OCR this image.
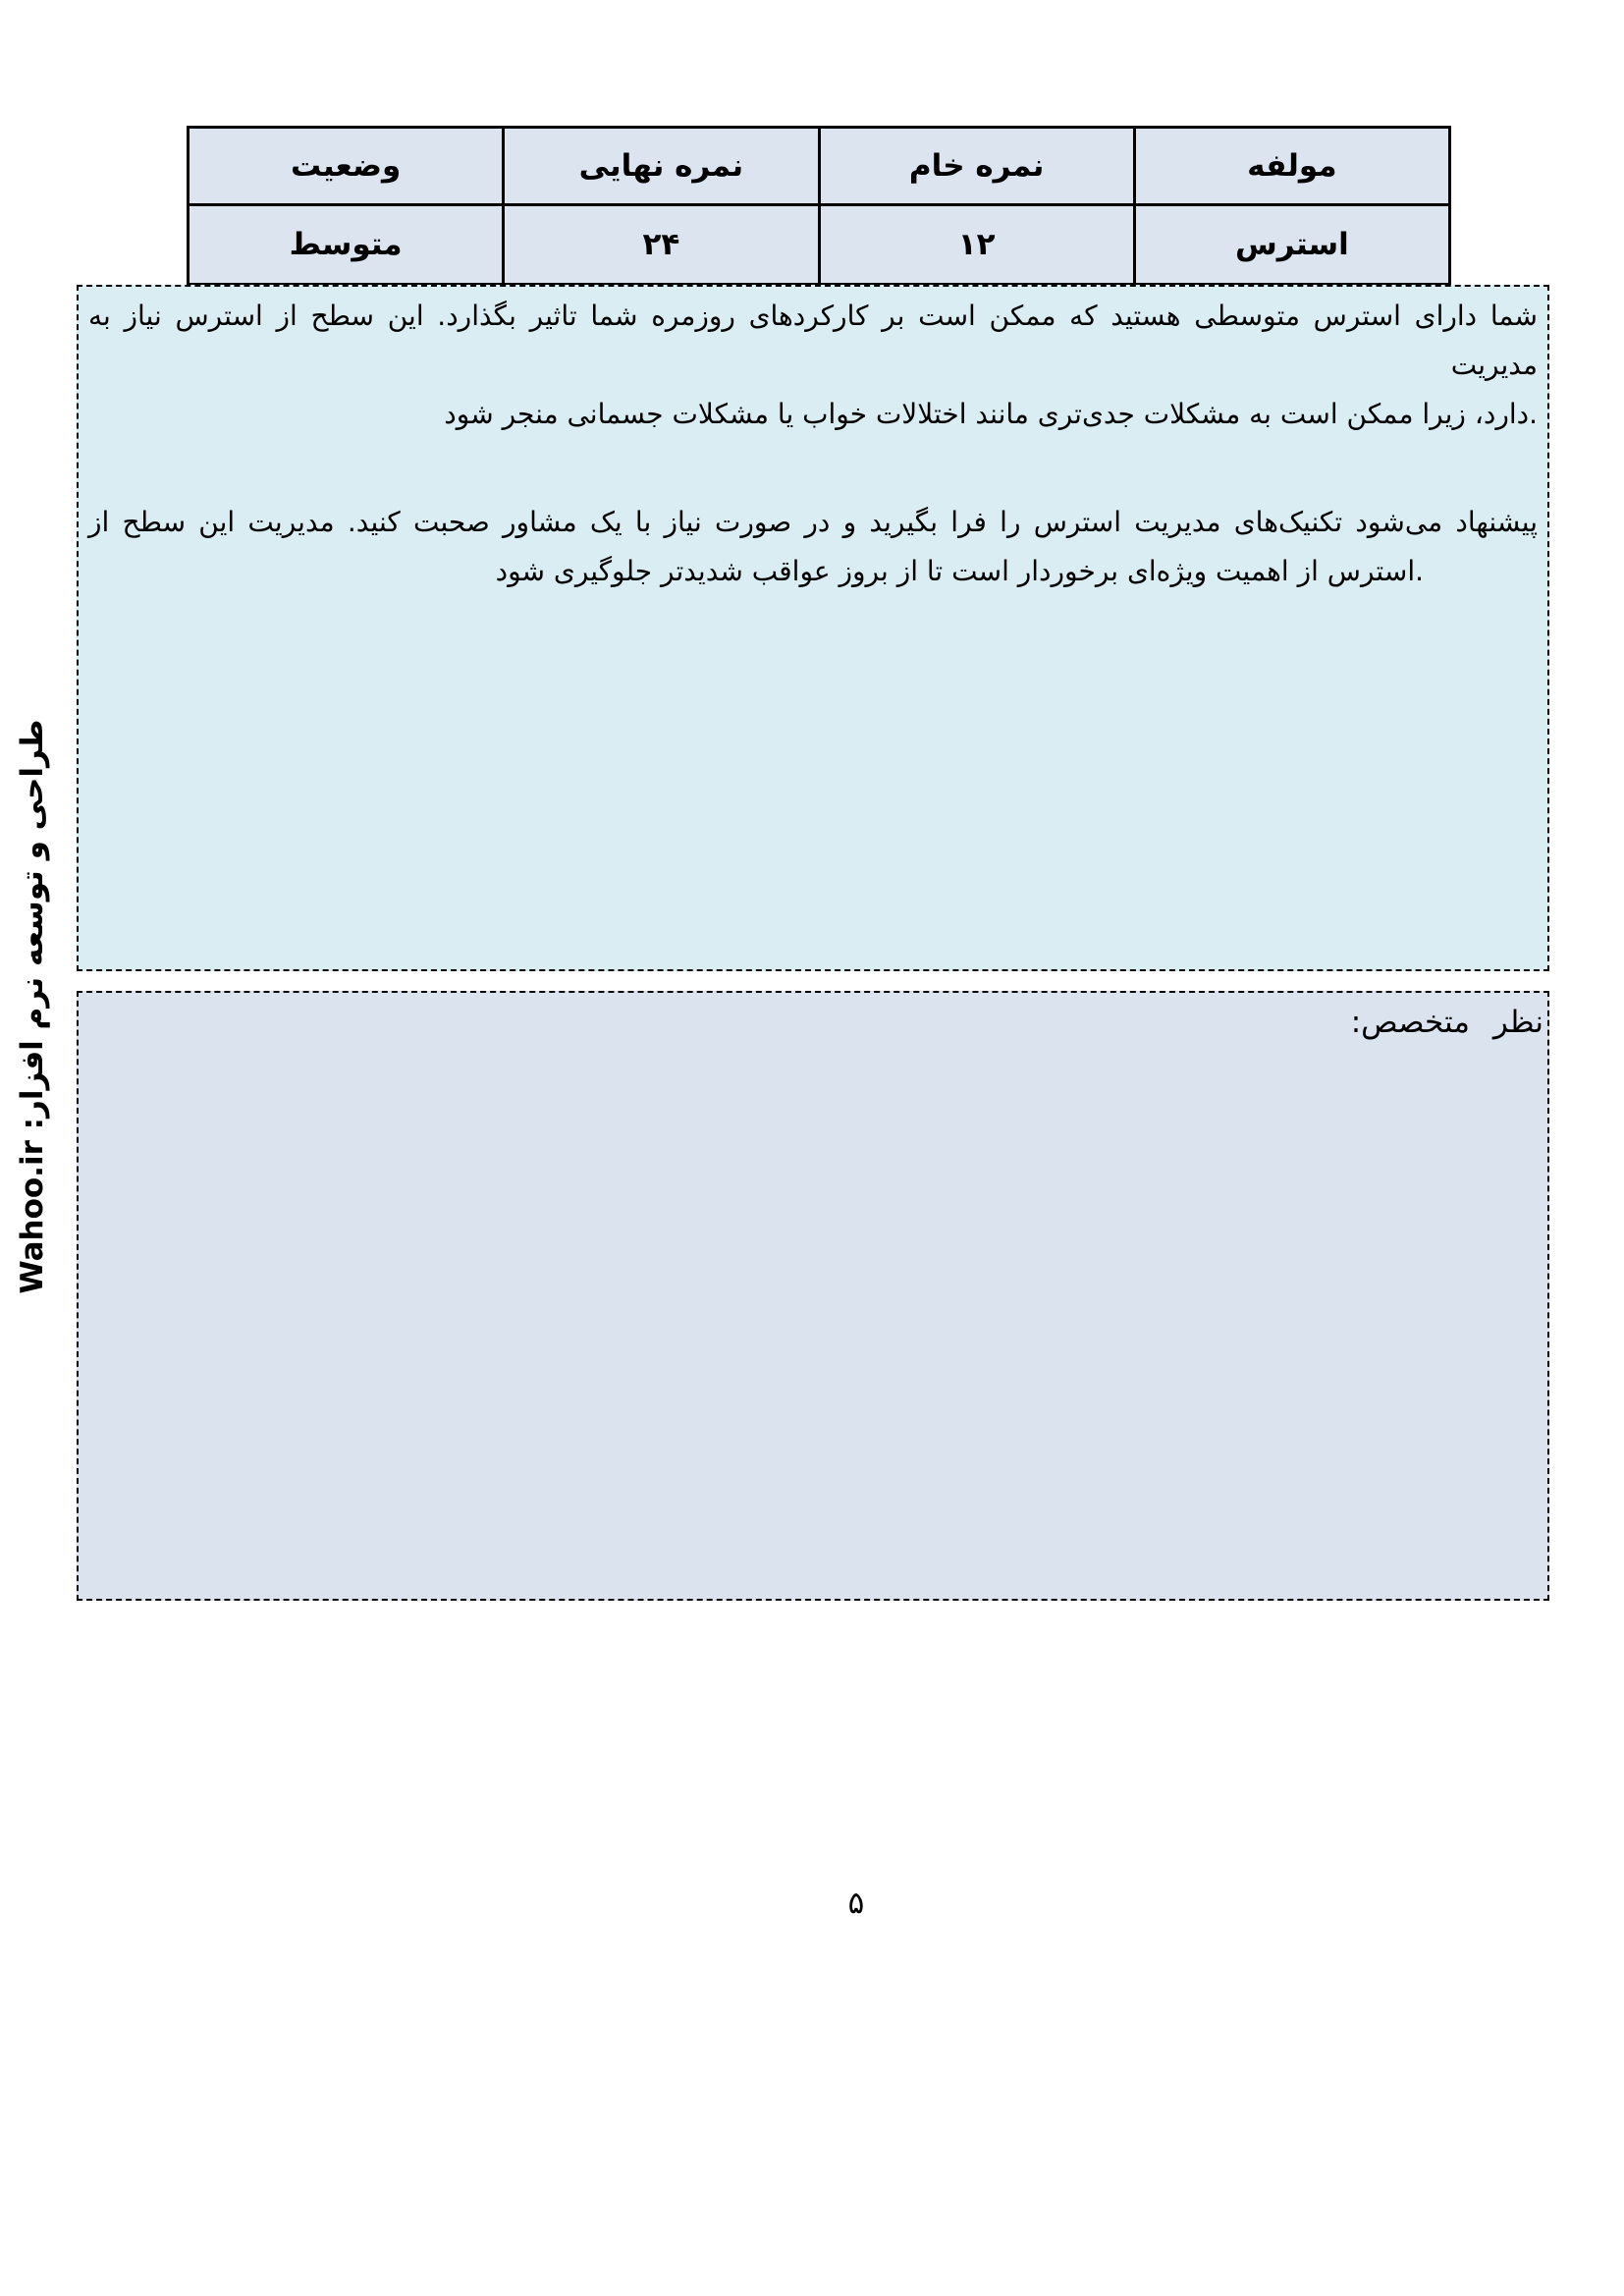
مولفه	نمره خام	نمره نهایی	وضعیت
استرس	۱۲	۲۴	متوسط
شما دارای استرس متوسطی هستید که ممکن است بر کارکردهای روزمره شما تاثیر بگذارد. این سطح از استرس نیاز به مدیریت
.دارد، زیرا ممکن است به مشکلات جدی‌تری مانند اختلالات خواب یا مشکلات جسمانی منجر شود
پیشنهاد می‌شود تکنیک‌های مدیریت استرس را فرا بگیرید و در صورت نیاز با یک مشاور صحبت کنید. مدیریت این سطح از
.استرس از اهمیت ویژه‌ای برخوردار است تا از بروز عواقب شدیدتر جلوگیری شود
نظر متخصص:
طراحی و توسعه نرم افزار: Wahoo.ir
۵
